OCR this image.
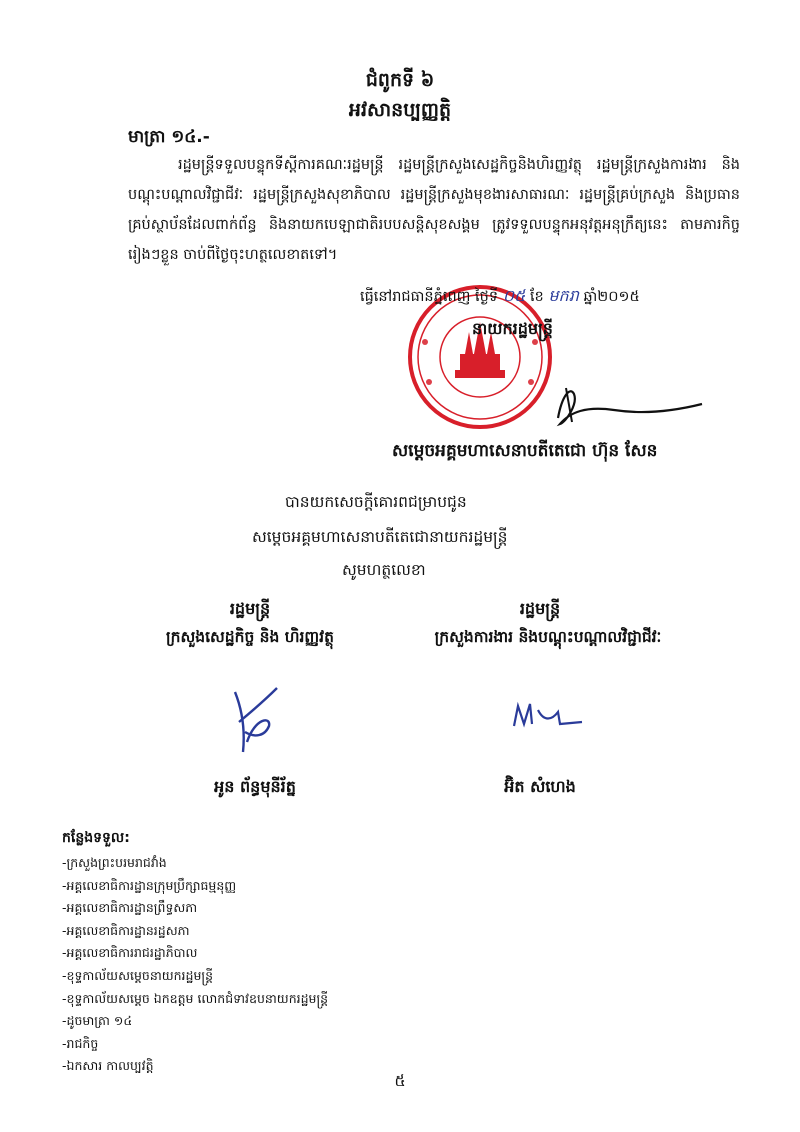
ជំពូកទី ៦
អវសានប្បញ្ញត្តិ
មាត្រា ១៤.-
រដ្ឋមន្ត្រីទទួលបន្ទុកទីស្ដីការគណៈរដ្ឋមន្ត្រី រដ្ឋមន្ត្រីក្រសួងសេដ្ឋកិច្ចនិងហិរញ្ញវត្ថុ រដ្ឋមន្ត្រីក្រសួងការងារ និងបណ្ដុះបណ្ដាលវិជ្ជាជីវៈ រដ្ឋមន្ត្រីក្រសួងសុខាភិបាល រដ្ឋមន្ត្រីក្រសួងមុខងារសាធារណៈ រដ្ឋមន្ត្រីគ្រប់ក្រសួង និងប្រធានគ្រប់ស្ថាប័នដែលពាក់ព័ន្ធ និងនាយកបេឡាជាតិរបបសន្តិសុខសង្គម ត្រូវទទួលបន្ទុកអនុវត្តអនុក្រឹត្យនេះ តាមភារកិច្ចរៀងៗខ្លួន ចាប់ពីថ្ងៃចុះហត្ថលេខាតទៅ។
ធ្វើនៅរាជធានីភ្នំពេញ ថ្ងៃទី ០៥ ខែ មករា ឆ្នាំ២០១៥
នាយករដ្ឋមន្ត្រី
សម្ដេចអគ្គមហាសេនាបតីតេជោ ហ៊ុន សែន
បានយកសេចក្ដីគោរពជម្រាបជូន
សម្ដេចអគ្គមហាសេនាបតីតេជោនាយករដ្ឋមន្ត្រី
សូមហត្ថលេខា
រដ្ឋមន្ត្រី
ក្រសួងសេដ្ឋកិច្ច និង ហិរញ្ញវត្ថុ
អូន ព័ន្ធមុនីរ័ត្ន
រដ្ឋមន្ត្រី
ក្រសួងការងារ និងបណ្ដុះបណ្ដាលវិជ្ជាជីវៈ
អ៊ិត សំហេង
កន្លែងទទួល:
-ក្រសួងព្រះបរមរាជវាំង
-អគ្គលេខាធិការដ្ឋានក្រុមប្រឹក្សាធម្មនុញ្ញ
-អគ្គលេខាធិការដ្ឋានព្រឹទ្ធសភា
-អគ្គលេខាធិការដ្ឋានរដ្ឋសភា
-អគ្គលេខាធិការរាជរដ្ឋាភិបាល
-ខុទ្ទកាល័យសម្ដេចនាយករដ្ឋមន្ត្រី
-ខុទ្ទកាល័យសម្ដេច ឯកឧត្ដម លោកជំទាវឧបនាយករដ្ឋមន្ត្រី
-ដូចមាត្រា ១៤
-រាជកិច្ច
-ឯកសារ កាលប្បវត្តិ
៥
